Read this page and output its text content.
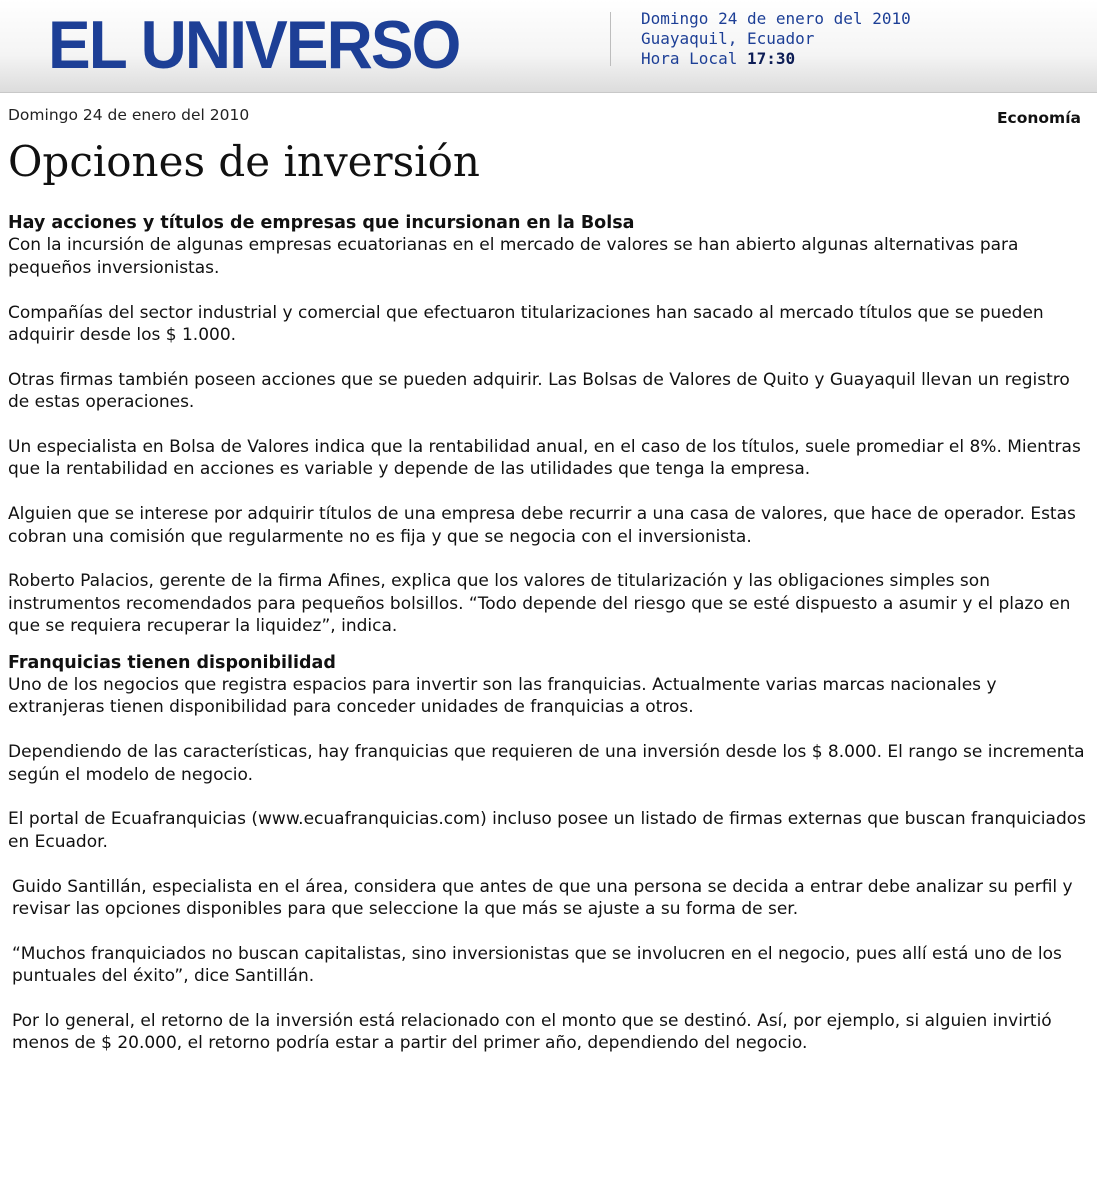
EL UNIVERSO	Domingo 24 de enero del 2010
Guayaquil, Ecuador
Hora Local 17:30
Domingo 24 de enero del 2010	Economía
Opciones de inversión
Hay acciones y títulos de empresas que incursionan en la Bolsa

Con la incursión de algunas empresas ecuatorianas en el mercado de valores se han abierto algunas alternativas para pequeños inversionistas.

Compañías del sector industrial y comercial que efectuaron titularizaciones han sacado al mercado títulos que se pueden adquirir desde los $ 1.000.

Otras firmas también poseen acciones que se pueden adquirir. Las Bolsas de Valores de Quito y Guayaquil llevan un registro de estas operaciones.

Un especialista en Bolsa de Valores indica que la rentabilidad anual, en el caso de los títulos, suele promediar el 8%. Mientras que la rentabilidad en acciones es variable y depende de las utilidades que tenga la empresa.

Alguien que se interese por adquirir títulos de una empresa debe recurrir a una casa de valores, que hace de operador. Estas cobran una comisión que regularmente no es fija y que se negocia con el inversionista.

Roberto Palacios, gerente de la firma Afines, explica que los valores de titularización y las obligaciones simples son instrumentos recomendados para pequeños bolsillos. “Todo depende del riesgo que se esté dispuesto a asumir y el plazo en que se requiera recuperar la liquidez”, indica.

Franquicias tienen disponibilidad

Uno de los negocios que registra espacios para invertir son las franquicias. Actualmente varias marcas nacionales y extranjeras tienen disponibilidad para conceder unidades de franquicias a otros.

Dependiendo de las características, hay franquicias que requieren de una inversión desde los $ 8.000. El rango se incrementa según el modelo de negocio.

El portal de Ecuafranquicias (www.ecuafranquicias.com) incluso posee un listado de firmas externas que buscan franquiciados en Ecuador.

Guido Santillán, especialista en el área, considera que antes de que una persona se decida a entrar debe analizar su perfil y revisar las opciones disponibles para que seleccione la que más se ajuste a su forma de ser.

“Muchos franquiciados no buscan capitalistas, sino inversionistas que se involucren en el negocio, pues allí está uno de los puntuales del éxito”, dice Santillán.

Por lo general, el retorno de la inversión está relacionado con el monto que se destinó. Así, por ejemplo, si alguien invirtió menos de $ 20.000, el retorno podría estar a partir del primer año, dependiendo del negocio.
